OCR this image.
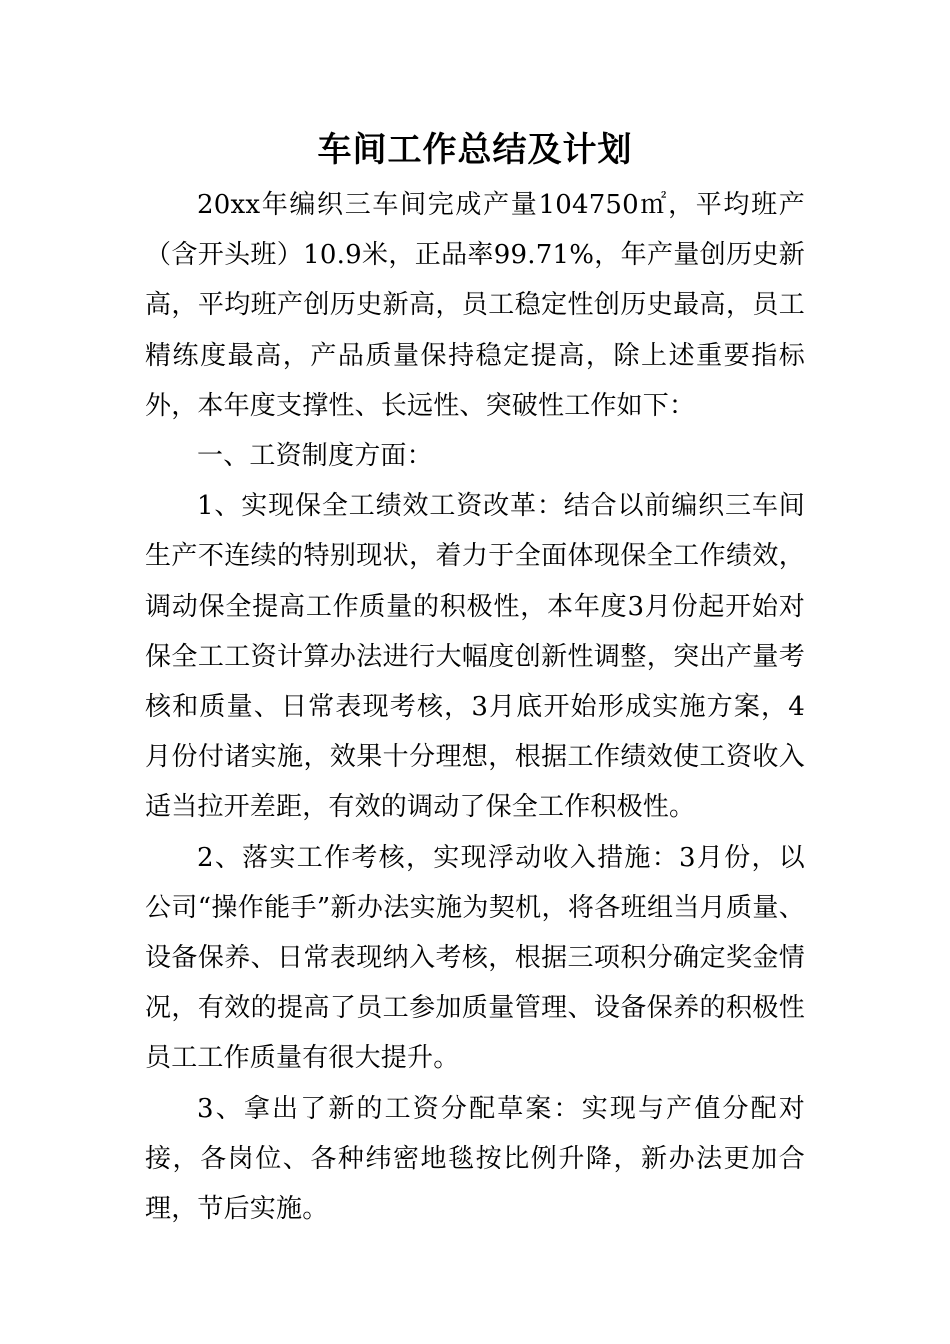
车间工作总结及计划

20xx年编织三车间完成产量104750㎡，平均班产（含开头班）10.9米，正品率99.71%，年产量创历史新高，平均班产创历史新高，员工稳定性创历史最高，员工精练度最高，产品质量保持稳定提高，除上述重要指标外，本年度支撑性、长远性、突破性工作如下：

一、工资制度方面：

1、实现保全工绩效工资改革：结合以前编织三车间生产不连续的特别现状，着力于全面体现保全工作绩效，调动保全提高工作质量的积极性，本年度3月份起开始对保全工工资计算办法进行大幅度创新性调整，突出产量考核和质量、日常表现考核，3月底开始形成实施方案，4月份付诸实施，效果十分理想，根据工作绩效使工资收入适当拉开差距，有效的调动了保全工作积极性。

2、落实工作考核，实现浮动收入措施：3月份，以公司“操作能手”新办法实施为契机，将各班组当月质量、设备保养、日常表现纳入考核，根据三项积分确定奖金情况，有效的提高了员工参加质量管理、设备保养的积极性员工工作质量有很大提升。

3、拿出了新的工资分配草案：实现与产值分配对接，各岗位、各种纬密地毯按比例升降，新办法更加合理，节后实施。
